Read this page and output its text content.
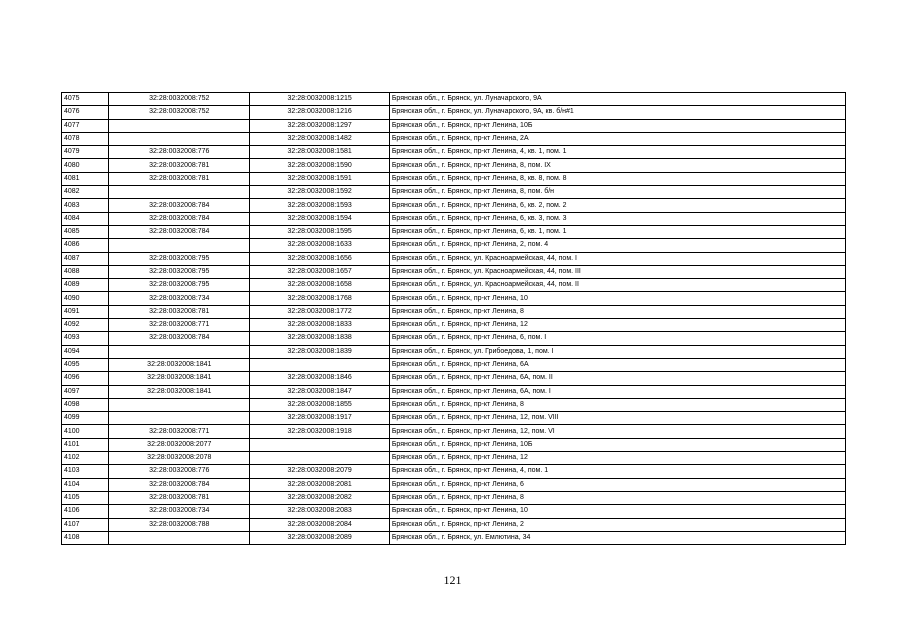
4075	32:28:0032008:752	32:28:0032008:1215	Брянская обл., г. Брянск, ул. Луначарского, 9А
4076	32:28:0032008:752	32:28:0032008:1216	Брянская обл., г. Брянск, ул. Луначарского, 9А, кв. б/н#1
4077		32:28:0032008:1297	Брянская обл., г. Брянск, пр-кт Ленина, 10Б
4078		32:28:0032008:1482	Брянская обл., г. Брянск, пр-кт Ленина, 2А
4079	32:28:0032008:776	32:28:0032008:1581	Брянская обл., г. Брянск, пр-кт Ленина, 4, кв. 1, пом. 1
4080	32:28:0032008:781	32:28:0032008:1590	Брянская обл., г. Брянск, пр-кт Ленина, 8, пом. IX
4081	32:28:0032008:781	32:28:0032008:1591	Брянская обл., г. Брянск, пр-кт Ленина, 8, кв. 8, пом. 8
4082		32:28:0032008:1592	Брянская обл., г. Брянск, пр-кт Ленина, 8, пом. б/н
4083	32:28:0032008:784	32:28:0032008:1593	Брянская обл., г. Брянск, пр-кт Ленина, 6, кв. 2, пом. 2
4084	32:28:0032008:784	32:28:0032008:1594	Брянская обл., г. Брянск, пр-кт Ленина, 6, кв. 3, пом. 3
4085	32:28:0032008:784	32:28:0032008:1595	Брянская обл., г. Брянск, пр-кт Ленина, 6, кв. 1, пом. 1
4086		32:28:0032008:1633	Брянская обл., г. Брянск, пр-кт Ленина, 2, пом. 4
4087	32:28:0032008:795	32:28:0032008:1656	Брянская обл., г. Брянск, ул. Красноармейская, 44, пом. I
4088	32:28:0032008:795	32:28:0032008:1657	Брянская обл., г. Брянск, ул. Красноармейская, 44, пом. III
4089	32:28:0032008:795	32:28:0032008:1658	Брянская обл., г. Брянск, ул. Красноармейская, 44, пом. II
4090	32:28:0032008:734	32:28:0032008:1768	Брянская обл., г. Брянск, пр-кт Ленина, 10
4091	32:28:0032008:781	32:28:0032008:1772	Брянская обл., г. Брянск, пр-кт Ленина, 8
4092	32:28:0032008:771	32:28:0032008:1833	Брянская обл., г. Брянск, пр-кт Ленина, 12
4093	32:28:0032008:784	32:28:0032008:1838	Брянская обл., г. Брянск, пр-кт Ленина, 6, пом. I
4094		32:28:0032008:1839	Брянская обл., г. Брянск, ул. Грибоедова, 1, пом. I
4095	32:28:0032008:1841		Брянская обл., г. Брянск, пр-кт Ленина, 6А
4096	32:28:0032008:1841	32:28:0032008:1846	Брянская обл., г. Брянск, пр-кт Ленина, 6А, пом. II
4097	32:28:0032008:1841	32:28:0032008:1847	Брянская обл., г. Брянск, пр-кт Ленина, 6А, пом. I
4098		32:28:0032008:1855	Брянская обл., г. Брянск, пр-кт Ленина, 8
4099		32:28:0032008:1917	Брянская обл., г. Брянск, пр-кт Ленина, 12, пом. VIII
4100	32:28:0032008:771	32:28:0032008:1918	Брянская обл., г. Брянск, пр-кт Ленина, 12, пом. VI
4101	32:28:0032008:2077		Брянская обл., г. Брянск, пр-кт Ленина, 10Б
4102	32:28:0032008:2078		Брянская обл., г. Брянск, пр-кт Ленина, 12
4103	32:28:0032008:776	32:28:0032008:2079	Брянская обл., г. Брянск, пр-кт Ленина, 4, пом. 1
4104	32:28:0032008:784	32:28:0032008:2081	Брянская обл., г. Брянск, пр-кт Ленина, 6
4105	32:28:0032008:781	32:28:0032008:2082	Брянская обл., г. Брянск, пр-кт Ленина, 8
4106	32:28:0032008:734	32:28:0032008:2083	Брянская обл., г. Брянск, пр-кт Ленина, 10
4107	32:28:0032008:788	32:28:0032008:2084	Брянская обл., г. Брянск, пр-кт Ленина, 2
4108		32:28:0032008:2089	Брянская обл., г. Брянск, ул. Емлютина, 34
121
